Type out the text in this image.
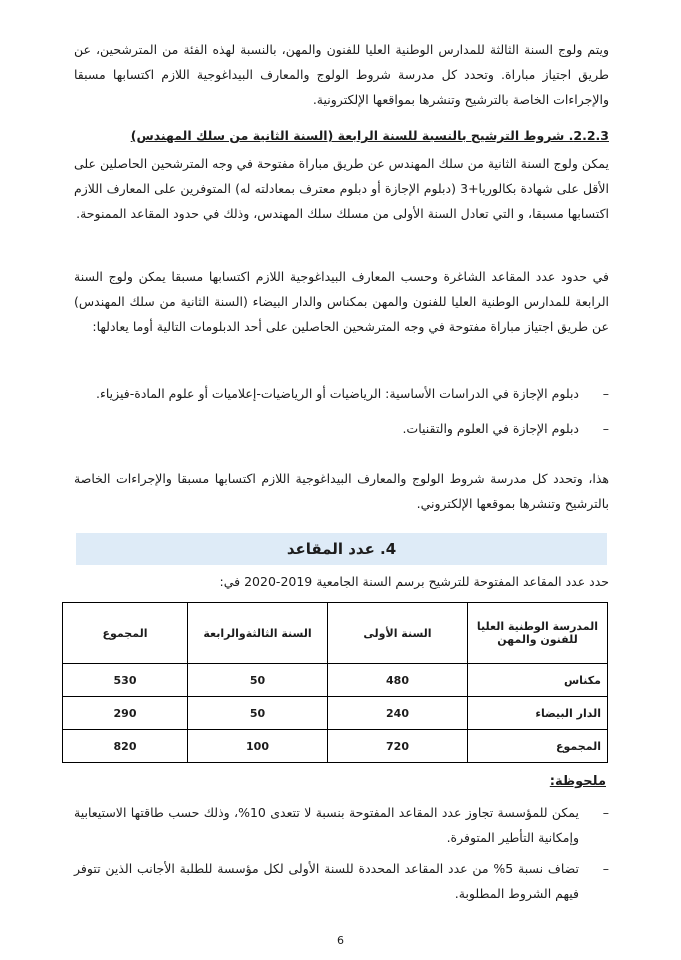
ويتم ولوج السنة الثالثة للمدارس الوطنية العليا للفنون والمهن، بالنسبة لهذه الفئة من المترشحين، عن طريق اجتياز مباراة. وتحدد كل مدرسة شروط الولوج والمعارف البيداغوجية اللازم اكتسابها مسبقا والإجراءات الخاصة بالترشيح وتنشرها بمواقعها الإلكترونية.

2.2.3. شروط الترشيح بالنسبة للسنة الرابعة (السنة الثانية من سلك المهندس)

يمكن ولوج السنة الثانية من سلك المهندس عن طريق مباراة مفتوحة في وجه المترشحين الحاصلين على الأقل على شهادة بكالوريا+3 (دبلوم الإجازة أو دبلوم معترف بمعادلته له) المتوفرين على المعارف اللازم اكتسابها مسبقا، و التي تعادل السنة الأولى من مسلك سلك المهندس، وذلك في حدود المقاعد الممنوحة.

في حدود عدد المقاعد الشاغرة وحسب المعارف البيداغوجية اللازم اكتسابها مسبقا يمكن ولوج السنة الرابعة للمدارس الوطنية العليا للفنون والمهن بمكناس والدار البيضاء (السنة الثانية من سلك المهندس) عن طريق اجتياز مباراة مفتوحة في وجه المترشحين الحاصلين على أحد الدبلومات التالية أوما يعادلها:

–
دبلوم الإجازة في الدراسات الأساسية: الرياضيات أو الرياضيات-إعلاميات أو علوم المادة-فيزياء.
–
دبلوم الإجازة في العلوم والتقنيات.

هذا، وتحدد كل مدرسة شروط الولوج والمعارف البيداغوجية اللازم اكتسابها مسبقا والإجراءات الخاصة بالترشيح وتنشرها بموقعها الإلكتروني.

4. عدد المقاعد

حدد عدد المقاعد المفتوحة للترشيح برسم السنة الجامعية 2019-2020 في:

المدرسة الوطنية العليا للفنون والمهن	السنة الأولى	السنة الثالثةوالرابعة	المجموع
مكناس	480	50	530
الدار البيضاء	240	50	290
المجموع	720	100	820
ملحوظة:
–
يمكن للمؤسسة تجاوز عدد المقاعد المفتوحة بنسبة لا تتعدى 10%، وذلك حسب طاقتها الاستيعابية وإمكانية التأطير المتوفرة.
–
تضاف نسبة 5% من عدد المقاعد المحددة للسنة الأولى لكل مؤسسة للطلبة الأجانب الذين تتوفر فيهم الشروط المطلوبة.
6
